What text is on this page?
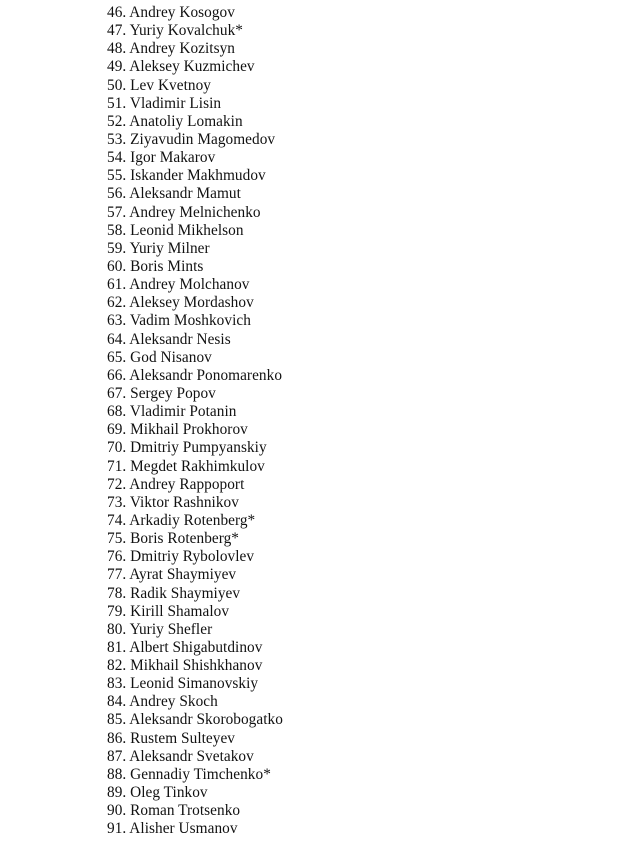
46. Andrey Kosogov
47. Yuriy Kovalchuk*
48. Andrey Kozitsyn
49. Aleksey Kuzmichev
50. Lev Kvetnoy
51. Vladimir Lisin
52. Anatoliy Lomakin
53. Ziyavudin Magomedov
54. Igor Makarov
55. Iskander Makhmudov
56. Aleksandr Mamut
57. Andrey Melnichenko
58. Leonid Mikhelson
59. Yuriy Milner
60. Boris Mints
61. Andrey Molchanov
62. Aleksey Mordashov
63. Vadim Moshkovich
64. Aleksandr Nesis
65. God Nisanov
66. Aleksandr Ponomarenko
67. Sergey Popov
68. Vladimir Potanin
69. Mikhail Prokhorov
70. Dmitriy Pumpyanskiy
71. Megdet Rakhimkulov
72. Andrey Rappoport
73. Viktor Rashnikov
74. Arkadiy Rotenberg*
75. Boris Rotenberg*
76. Dmitriy Rybolovlev
77. Ayrat Shaymiyev
78. Radik Shaymiyev
79. Kirill Shamalov
80. Yuriy Shefler
81. Albert Shigabutdinov
82. Mikhail Shishkhanov
83. Leonid Simanovskiy
84. Andrey Skoch
85. Aleksandr Skorobogatko
86. Rustem Sulteyev
87. Aleksandr Svetakov
88. Gennadiy Timchenko*
89. Oleg Tinkov
90. Roman Trotsenko
91. Alisher Usmanov
